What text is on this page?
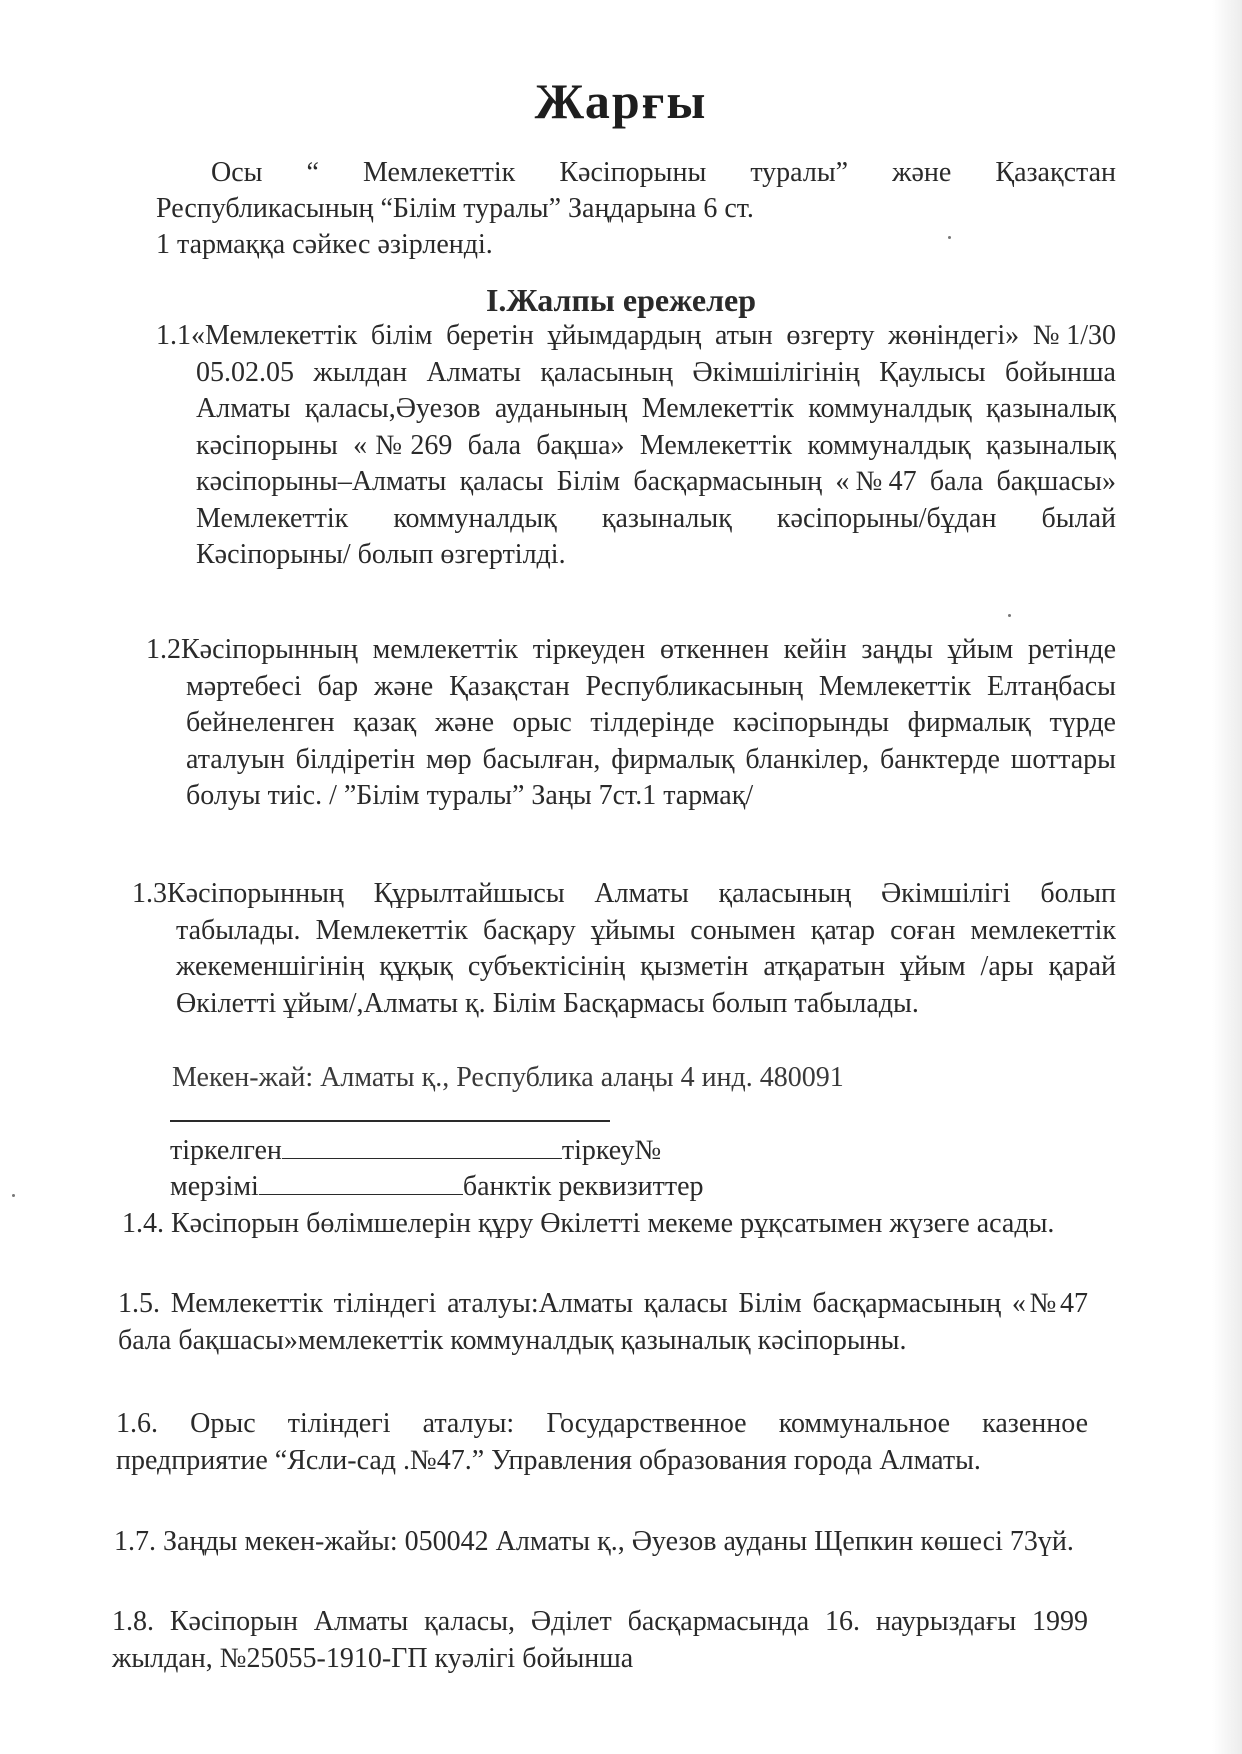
Жарғы

Осы “ Мемлекеттік Кәсіпорыны туралы” және Қазақстан

Республикасының “Білім туралы” Заңдарына 6 ст.

1 тармаққа сәйкес әзірленді.

I.Жалпы ережелер
1.1«Мемлекеттік білім беретін ұйымдардың атын өзгерту жөніндегі» №1/30 05.02.05 жылдан Алматы қаласының Әкімшілігінің Қаулысы бойынша Алматы қаласы,Әуезов ауданының Мемлекеттік коммуналдық қазыналық кәсіпорыны «№269 бала бақша» Мемлекеттік коммуналдық қазыналық кәсіпорыны–Алматы қаласы Білім басқармасының «№47 бала бақшасы» Мемлекеттік коммуналдық қазыналық кәсіпорыны/бұдан былай Кәсіпорыны/ болып өзгертілді.
1.2Кәсіпорынның мемлекеттік тіркеуден өткеннен кейін заңды ұйым ретінде мәртебесі бар және Қазақстан Республикасының Мемлекеттік Елтаңбасы бейнеленген қазақ және орыс тілдерінде кәсіпорынды фирмалық түрде аталуын білдіретін мөр басылған, фирмалық бланкілер, банктерде шоттары болуы тиіс. / ”Білім туралы” Заңы 7ст.1 тармақ/
1.3Кәсіпорынның Құрылтайшысы Алматы қаласының Әкімшілігі болып табылады. Мемлекеттік басқару ұйымы сонымен қатар соған мемлекеттік жекеменшігінің құқық субъектісінің қызметін атқаратын ұйым /ары қарай Өкілетті ұйым/,Алматы қ. Білім Басқармасы болып табылады.
Мекен-жай: Алматы қ., Республика алаңы 4 инд. 480091
тіркелген	тіркеу№
мерзімі	банктік реквизиттер
1.4. Кәсіпорын бөлімшелерін құру Өкілетті мекеме рұқсатымен жүзеге асады.
1.5. Мемлекеттік тіліндегі аталуы:Алматы қаласы Білім басқармасының «№47 бала бақшасы»мемлекеттік коммуналдық қазыналық кәсіпорыны.
1.6. Орыс тіліндегі аталуы: Государственное коммунальное казенное предприятие “Ясли-сад .№47.” Управления образования города Алматы.
1.7. Заңды мекен-жайы: 050042 Алматы қ., Әуезов ауданы Щепкин көшесі 73үй.
1.8. Кәсіпорын Алматы қаласы, Әділет басқармасында 16. наурыздағы 1999 жылдан, №25055-1910-ГП куәлігі бойынша
